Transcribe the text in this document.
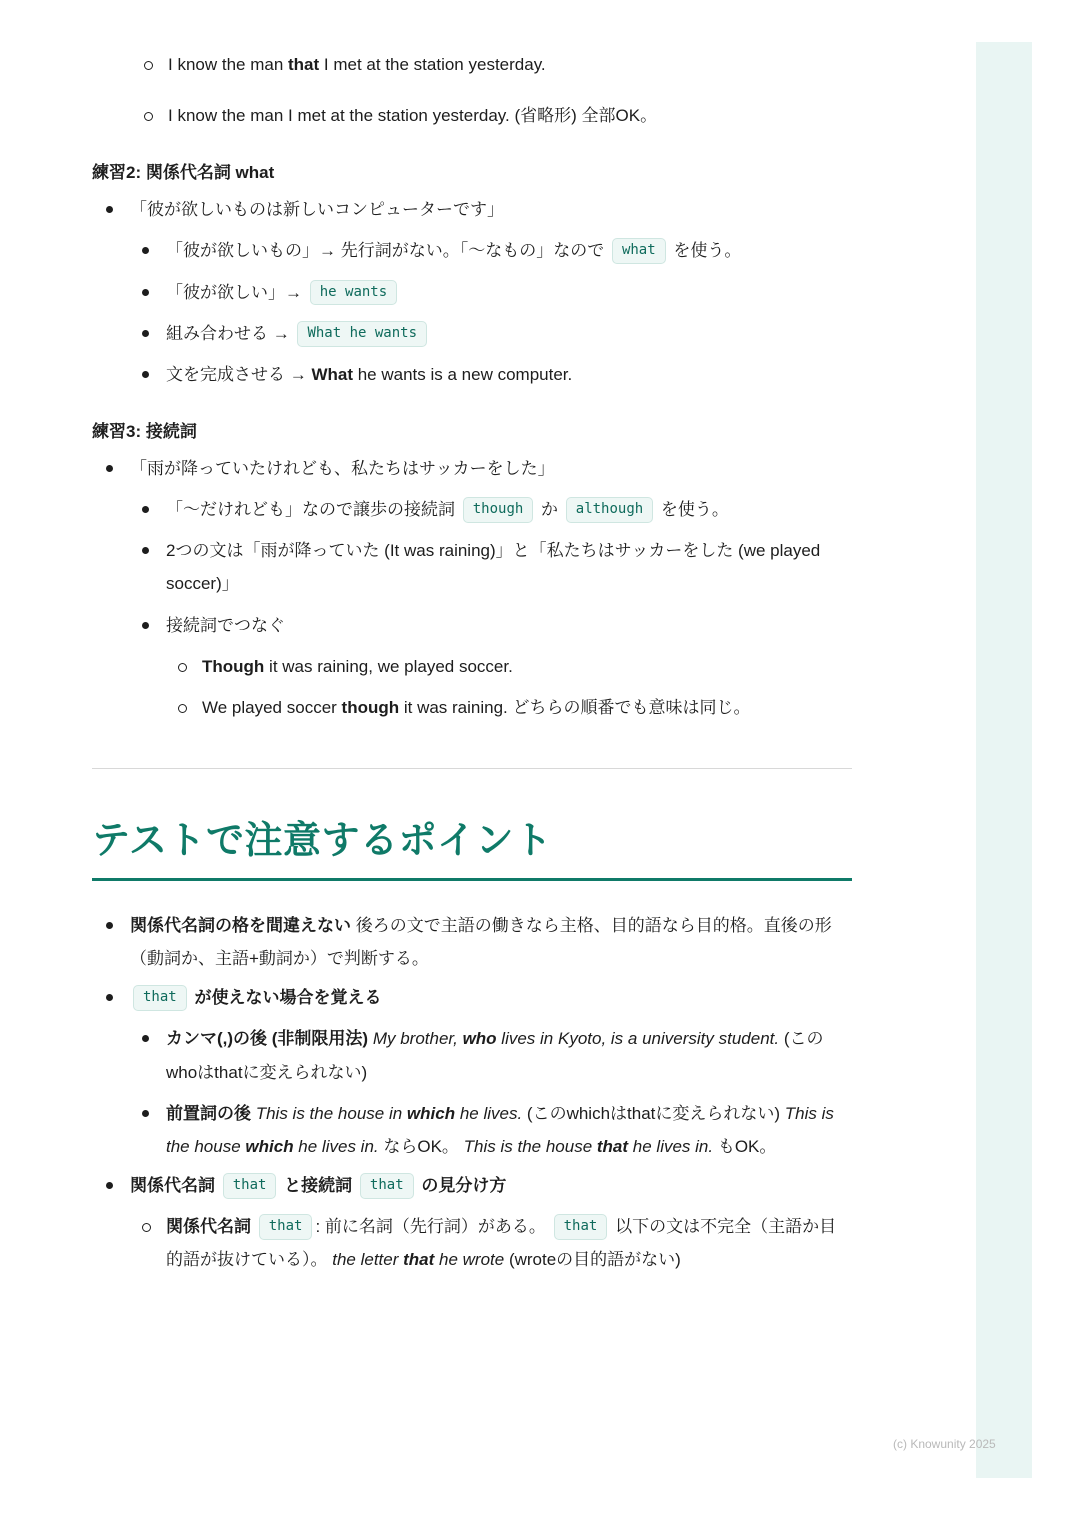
I know the man that I met at the station yesterday.
I know the man I met at the station yesterday. (省略形) 全部OK。
練習2: 関係代名詞 what
「彼が欲しいものは新しいコンピューターです」
「彼が欲しいもの」→ 先行詞がない。「〜なもの」なので what を使う。
「彼が欲しい」→ he wants
組み合わせる → What he wants
文を完成させる → What he wants is a new computer.
練習3: 接続詞
「雨が降っていたけれども、私たちはサッカーをした」
「〜だけれども」なので譲歩の接続詞 though か although を使う。
2つの文は「雨が降っていた (It was raining)」と「私たちはサッカーをした (we played soccer)」
接続詞でつなぐ
Though it was raining, we played soccer.
We played soccer though it was raining. どちらの順番でも意味は同じ。
テストで注意するポイント
関係代名詞の格を間違えない 後ろの文で主語の働きなら主格、目的語なら目的格。直後の形（動詞か、主語+動詞か）で判断する。
that が使えない場合を覚える
カンマ(,)の後 (非制限用法) My brother, who lives in Kyoto, is a university student. (このwhoはthatに変えられない)
前置詞の後 This is the house in which he lives. (このwhichはthatに変えられない) This is the house which he lives in. ならOK。 This is the house that he lives in. もOK。
関係代名詞 that と接続詞 that の見分け方
関係代名詞 that : 前に名詞（先行詞）がある。 that 以下の文は不完全（主語か目的語が抜けている）。 the letter that he wrote (wroteの目的語がない)
(c) Knowunity 2025
